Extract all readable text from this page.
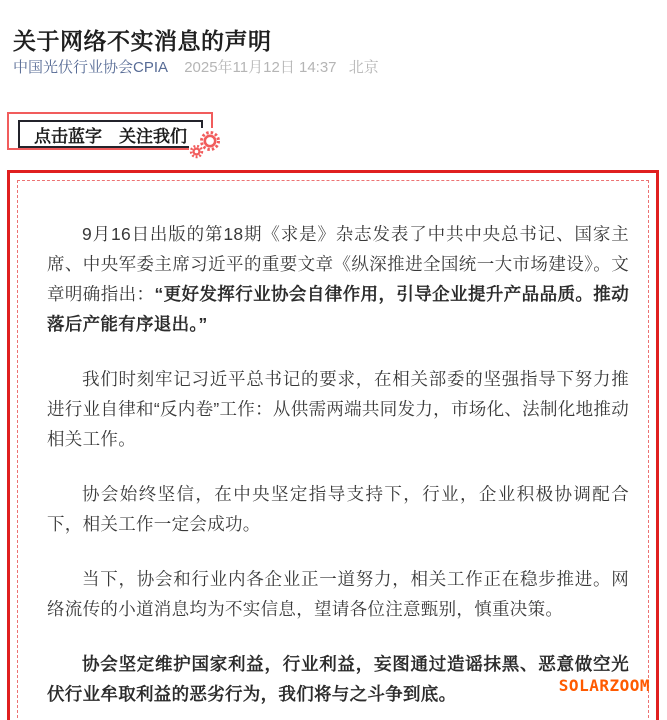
关于网络不实消息的声明
中国光伏行业协会CPIA 2025年11月12日 14:37 北京
点击蓝字 关注我们

9月16日出版的第18期《求是》杂志发表了中共中央总书记、国家主席、中央军委主席习近平的重要文章《纵深推进全国统一大市场建设》。文章明确指出：“更好发挥行业协会自律作用，引导企业提升产品品质。推动落后产能有序退出。”

我们时刻牢记习近平总书记的要求，在相关部委的坚强指导下努力推进行业自律和“反内卷”工作：从供需两端共同发力，市场化、法制化地推动相关工作。

协会始终坚信，在中央坚定指导支持下，行业，企业积极协调配合下，相关工作一定会成功。

当下，协会和行业内各企业正一道努力，相关工作正在稳步推进。网络流传的小道消息均为不实信息，望请各位注意甄别，慎重决策。

协会坚定维护国家利益，行业利益，妄图通过造谣抹黑、恶意做空光伏行业牟取利益的恶劣行为，我们将与之斗争到底。	SOLARZOOM
